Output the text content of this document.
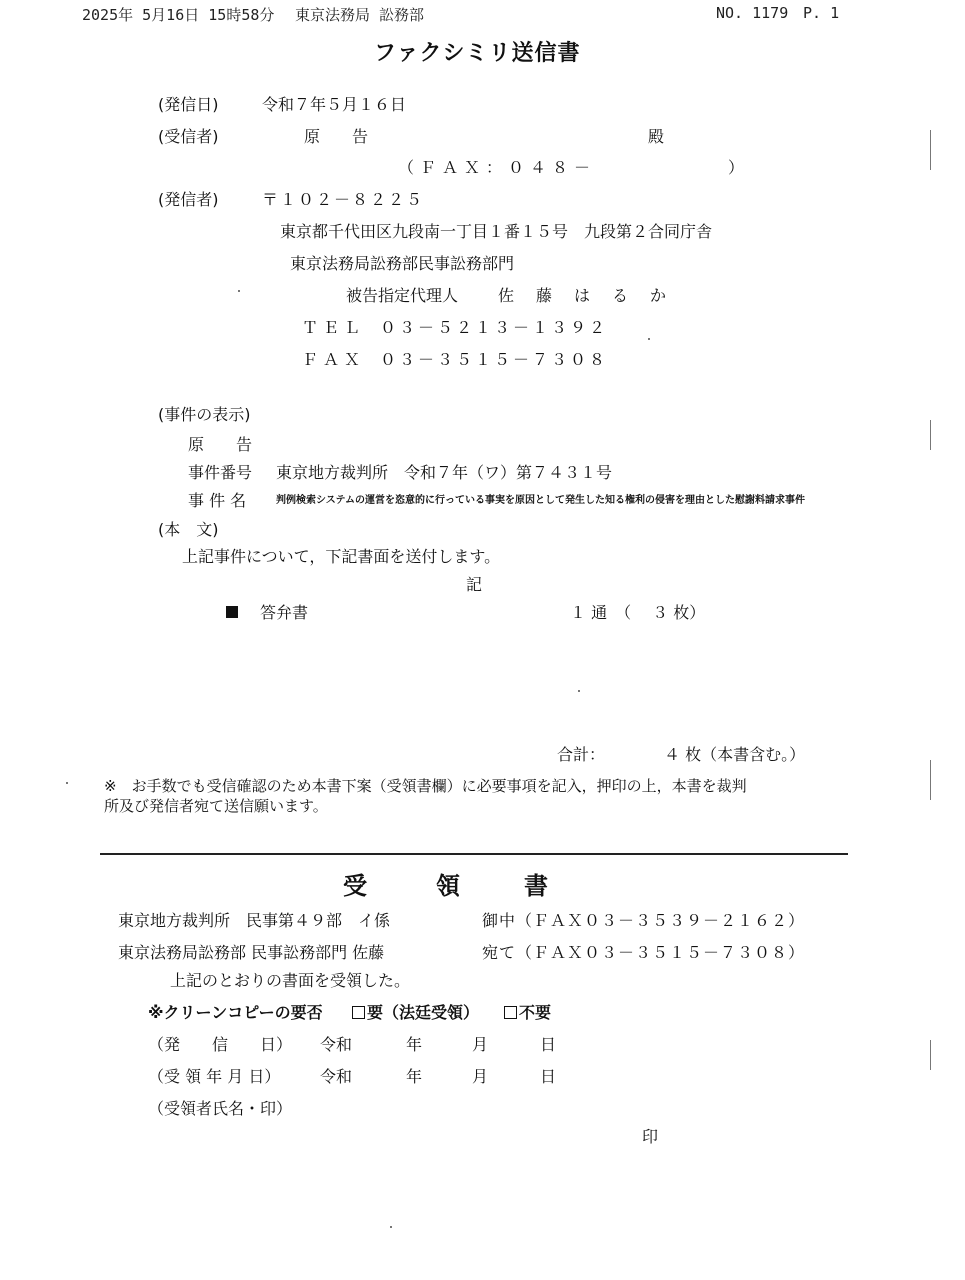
2025年 5月16日 15時58分 東京法務局 訟務部	NO. 1179 P. 1
ファクシミリ送信書
(発信日)	令和７年５月１６日
(受信者)	原　　告	殿
（ＦＡＸ：０４８－　　　　　　）
(発信者)	〒１０２－８２２５
東京都千代田区九段南一丁目１番１５号　九段第２合同庁舎
東京法務局訟務部民事訟務部門
被告指定代理人 佐　藤　は　る　か
ＴＥＬ ０３－５２１３－１３９２
ＦＡＸ ０３－３５１５－７３０８
(事件の表示)
原　　告
事件番号 東京地方裁判所　令和７年（ワ）第７４３１号
事 件 名	判例検索システムの運営を恣意的に行っている事実を原因として発生した知る権利の侵害を理由とした慰謝料請求事件
(本　文)
上記事件について，下記書面を送付します。
記
答弁書	１ 通　（　 ３ 枚）
合計：	４ 枚（本書含む。）
※　お手数でも受信確認のため本書下案（受領書欄）に必要事項を記入，押印の上，本書を裁判
所及び発信者宛て送信願います。
受	領	書
東京地方裁判所　民事第４９部　イ係	御中（ＦＡＸ０３－３５３９－２１６２）
東京法務局訟務部 民事訟務部門 佐藤	宛て（ＦＡＸ０３－３５１５－７３０８）
上記のとおりの書面を受領した。
※クリーンコピーの要否	要（法廷受領）	不要
（発　　信　　日） 令和	年	月	日
（受 領 年 月 日） 令和	年	月	日
（受領者氏名・印）
印
